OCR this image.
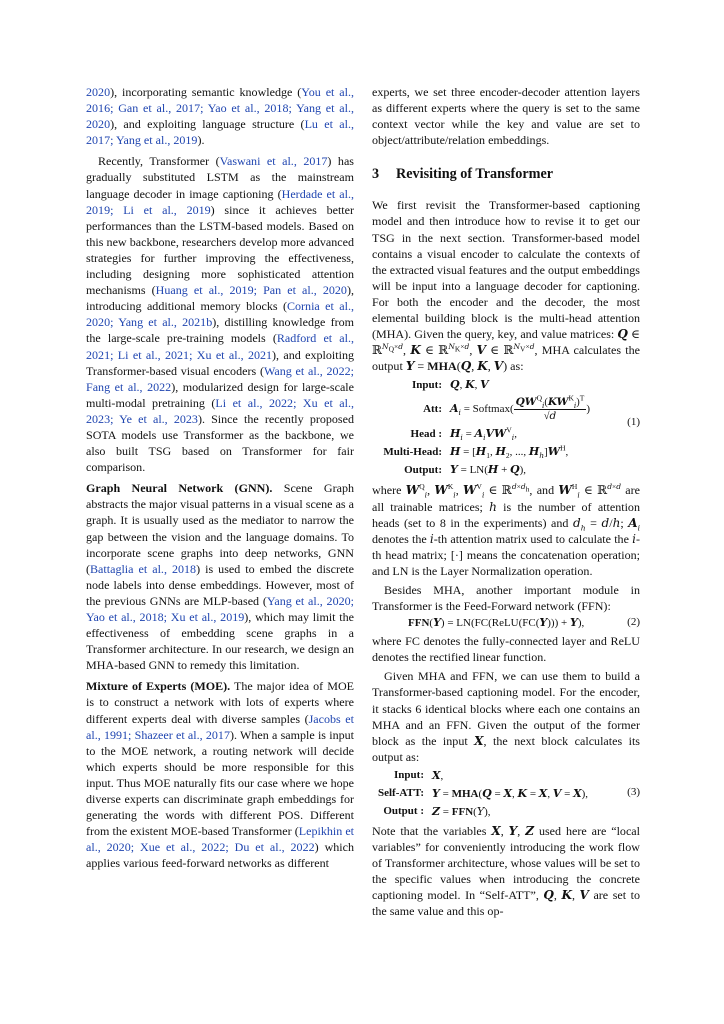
2020), incorporating semantic knowledge (You et al., 2016; Gan et al., 2017; Yao et al., 2018; Yang et al., 2020), and exploiting language structure (Lu et al., 2017; Yang et al., 2019).

Recently, Transformer (Vaswani et al., 2017) has gradually substituted LSTM as the mainstream language decoder in image captioning (Herdade et al., 2019; Li et al., 2019) since it achieves better performances than the LSTM-based models. Based on this new backbone, researchers develop more advanced strategies for further improving the effectiveness, including designing more sophisticated attention mechanisms (Huang et al., 2019; Pan et al., 2020), introducing additional memory blocks (Cornia et al., 2020; Yang et al., 2021b), distilling knowledge from the large-scale pre-training models (Radford et al., 2021; Li et al., 2021; Xu et al., 2021), and exploiting Transformer-based visual encoders (Wang et al., 2022; Fang et al., 2022), modularized design for large-scale multi-modal pretraining (Li et al., 2022; Xu et al., 2023; Ye et al., 2023). Since the recently proposed SOTA models use Transformer as the backbone, we also built TSG based on Transformer for fair comparison.

Graph Neural Network (GNN). Scene Graph abstracts the major visual patterns in a visual scene as a graph. It is usually used as the mediator to narrow the gap between the vision and the language domains. To incorporate scene graphs into deep networks, GNN (Battaglia et al., 2018) is used to embed the discrete node labels into dense embeddings. However, most of the previous GNNs are MLP-based (Yang et al., 2020; Yao et al., 2018; Xu et al., 2019), which may limit the effectiveness of embedding scene graphs in a Transformer architecture. In our research, we design an MHA-based GNN to remedy this limitation.

Mixture of Experts (MOE). The major idea of MOE is to construct a network with lots of experts where different experts deal with diverse samples (Jacobs et al., 1991; Shazeer et al., 2017). When a sample is input to the MOE network, a routing network will decide which experts should be more responsible for this input. Thus MOE naturally fits our case where we hope diverse experts can discriminate graph embeddings for generating the words with different POS. Different from the existent MOE-based Transformer (Lepikhin et al., 2020; Xue et al., 2022; Du et al., 2022) which applies various feed-forward networks as different

experts, we set three encoder-decoder attention layers as different experts where the query is set to the same context vector while the key and value are set to object/attribute/relation embeddings.

3 Revisiting of Transformer

We first revisit the Transformer-based captioning model and then introduce how to revise it to get our TSG in the next section. Transformer-based model contains a visual encoder to calculate the contexts of the extracted visual features and the output embeddings will be input into a language decoder for captioning. For both the encoder and the decoder, the most elemental building block is the multi-head attention (MHA). Given the query, key, and value matrices: Q ∈ ℝ$^{N_Q\times d}$, K ∈ ℝ$^{N_K\times d}$, V ∈ ℝ$^{N_V\times d}$, MHA calculates the output Y = MHA(Q, K, V) as:

Input: Q, K, V
Att: $A_i$ = Softmax( $\frac{QW^Q_i(KW^K_i)^T}{√d}$ )
Head : $H_i = A_iVW^V_i$,
Multi-Head: $H = [H_1$, $H_2$, ..., $H_h]W^H$,
Output: Y = LN(H + Q),
(1)

where $W^Q_i$, $W^K_i$, $W^V_i$ ∈ ℝ$^{d\times d_h}$, and $W^H_i$ ∈ ℝ$^{d\times d}$ are all trainable matrices; h is the number of attention heads (set to 8 in the experiments) and $d_h = d/h$; $A_i$ denotes the i-th attention matrix used to calculate the i-th head matrix; [·] means the concatenation operation; and LN is the Layer Normalization operation.

Besides MHA, another important module in Transformer is the Feed-Forward network (FFN):

FFN(Y) = LN(FC(ReLU(FC(Y))) + Y),	(2)

where FC denotes the fully-connected layer and ReLU denotes the rectified linear function.

Given MHA and FFN, we can use them to build a Transformer-based captioning model. For the encoder, it stacks 6 identical blocks where each one contains an MHA and an FFN. Given the output of the former block as the input X, the next block calculates its output as:

Input: X,
Self-ATT: Y = MHA(Q = X, K = X, V = X),
Output : Z = FFN(Y),
(3)

Note that the variables X, Y, Z used here are “local variables” for conveniently introducing the work flow of Transformer architecture, whose values will be set to the specific values when introducing the concrete captioning model. In “Self-ATT”, Q, K, V are set to the same value and this op-
